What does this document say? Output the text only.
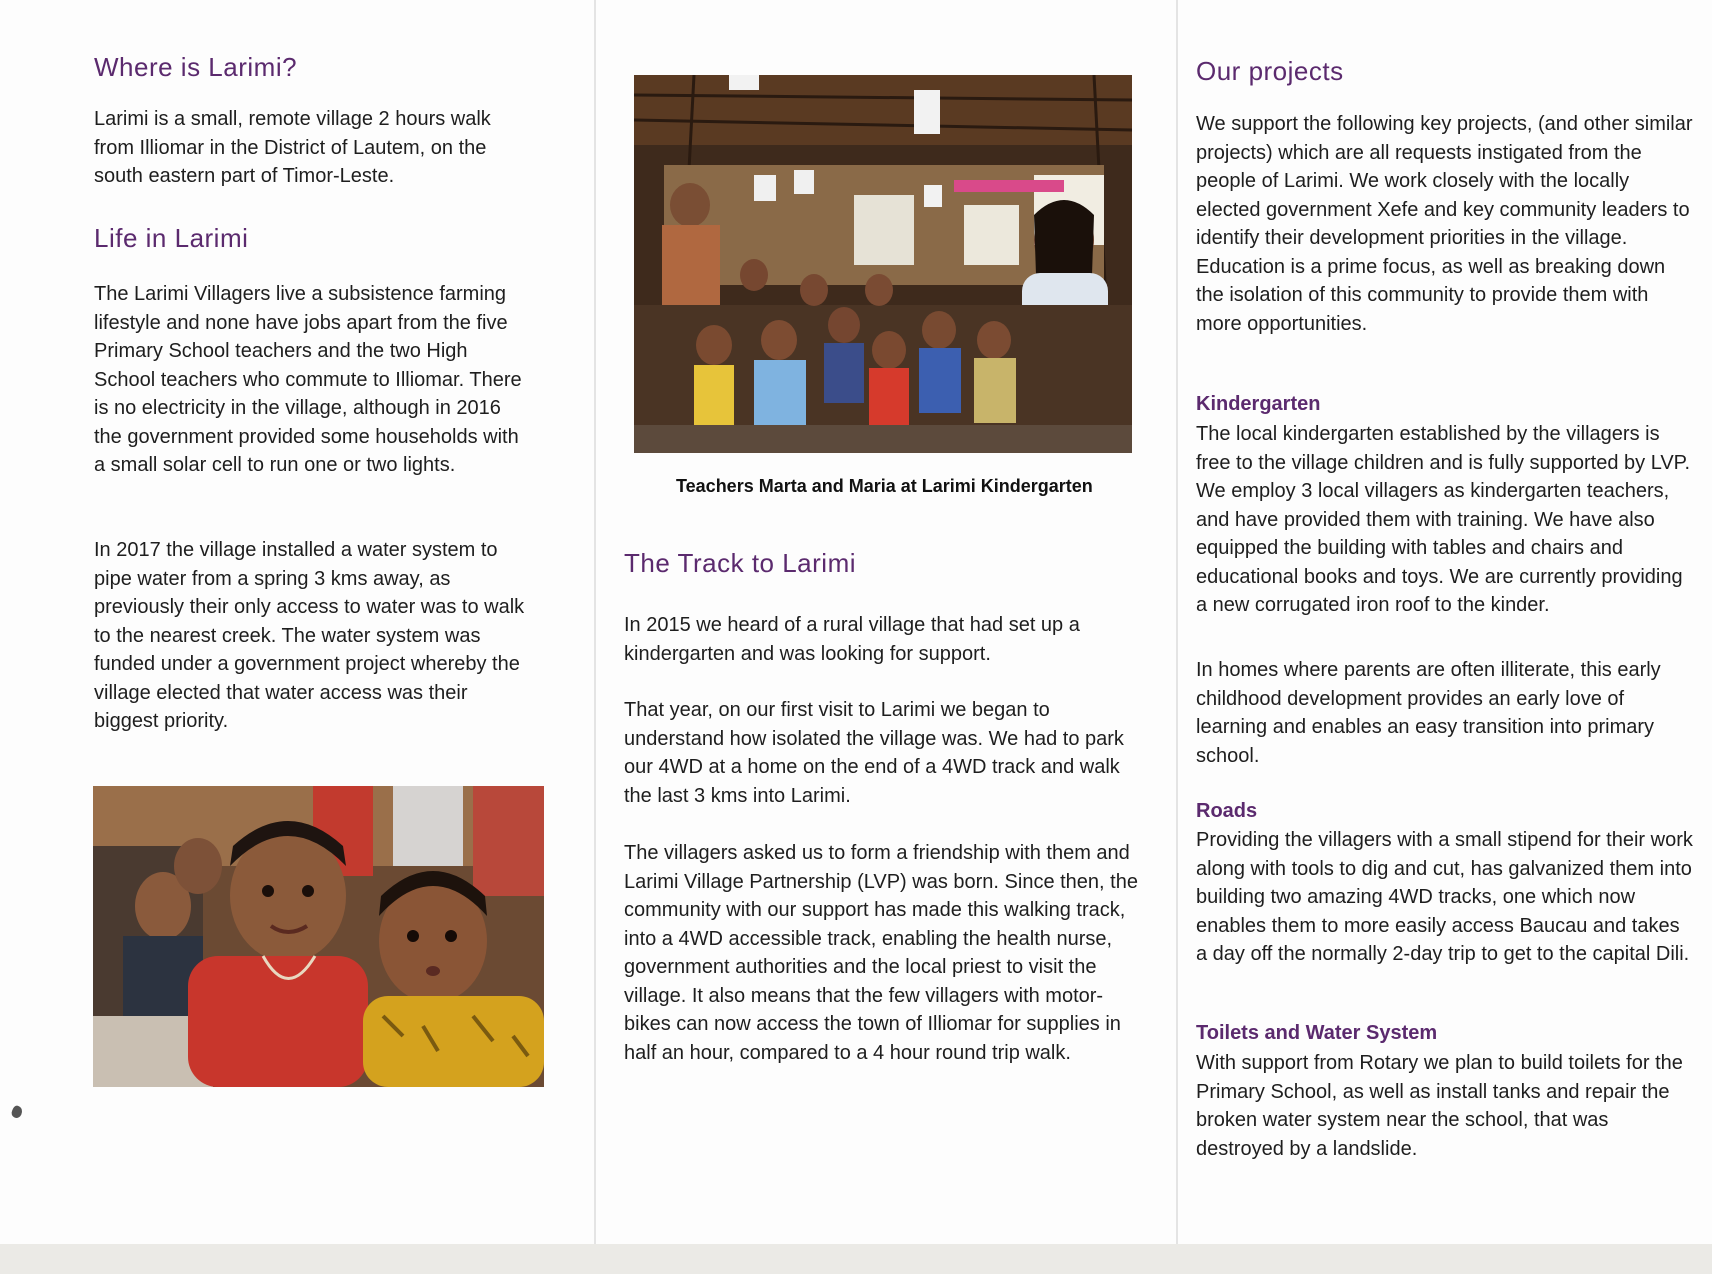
Where is Larimi?

Larimi is a small, remote village 2 hours walk from Illiomar in the District of Lautem, on the south eastern part of Timor-Leste.

Life in Larimi

The Larimi Villagers live a subsistence farming lifestyle and none have jobs apart from the five Primary School teachers and the two High School teachers who commute to Illiomar. There is no electricity in the village, although in 2016 the government provided some households with a small solar cell to run one or two lights.

In 2017 the village installed a water system to pipe water from a spring 3 kms away, as previously their only access to water was to walk to the nearest creek. The water system was funded under a government project whereby the village elected that water access was their biggest priority.

Teachers Marta and Maria at Larimi Kindergarten
The Track to Larimi

In 2015 we heard of a rural village that had set up a kindergarten and was looking for support.

That year, on our first visit to Larimi we began to understand how isolated the village was. We had to park our 4WD at a home on the end of a 4WD track and walk the last 3 kms into Larimi.

The villagers asked us to form a friendship with them and Larimi Village Partnership (LVP) was born. Since then, the community with our support has made this walking track, into a 4WD accessible track, enabling the health nurse, government authorities and the local priest to visit the village. It also means that the few villagers with motor-bikes can now access the town of Illiomar for supplies in half an hour, compared to a 4 hour round trip walk.

Our projects

We support the following key projects, (and other similar projects) which are all requests instigated from the people of Larimi. We work closely with the locally elected government Xefe and key community leaders to identify their development priorities in the village. Education is a prime focus, as well as breaking down the isolation of this community to provide them with more opportunities.

Kindergarten

The local kindergarten established by the villagers is free to the village children and is fully supported by LVP. We employ 3 local villagers as kindergarten teachers, and have provided them with training. We have also equipped the building with tables and chairs and educational books and toys. We are currently providing a new corrugated iron roof to the kinder.

In homes where parents are often illiterate, this early childhood development provides an early love of learning and enables an easy transition into primary school.

Roads

Providing the villagers with a small stipend for their work along with tools to dig and cut, has galvanized them into building two amazing 4WD tracks, one which now enables them to more easily access Baucau and takes a day off the normally 2-day trip to get to the capital Dili.

Toilets and Water System

With support from Rotary we plan to build toilets for the Primary School, as well as install tanks and repair the broken water system near the school, that was destroyed by a landslide.
